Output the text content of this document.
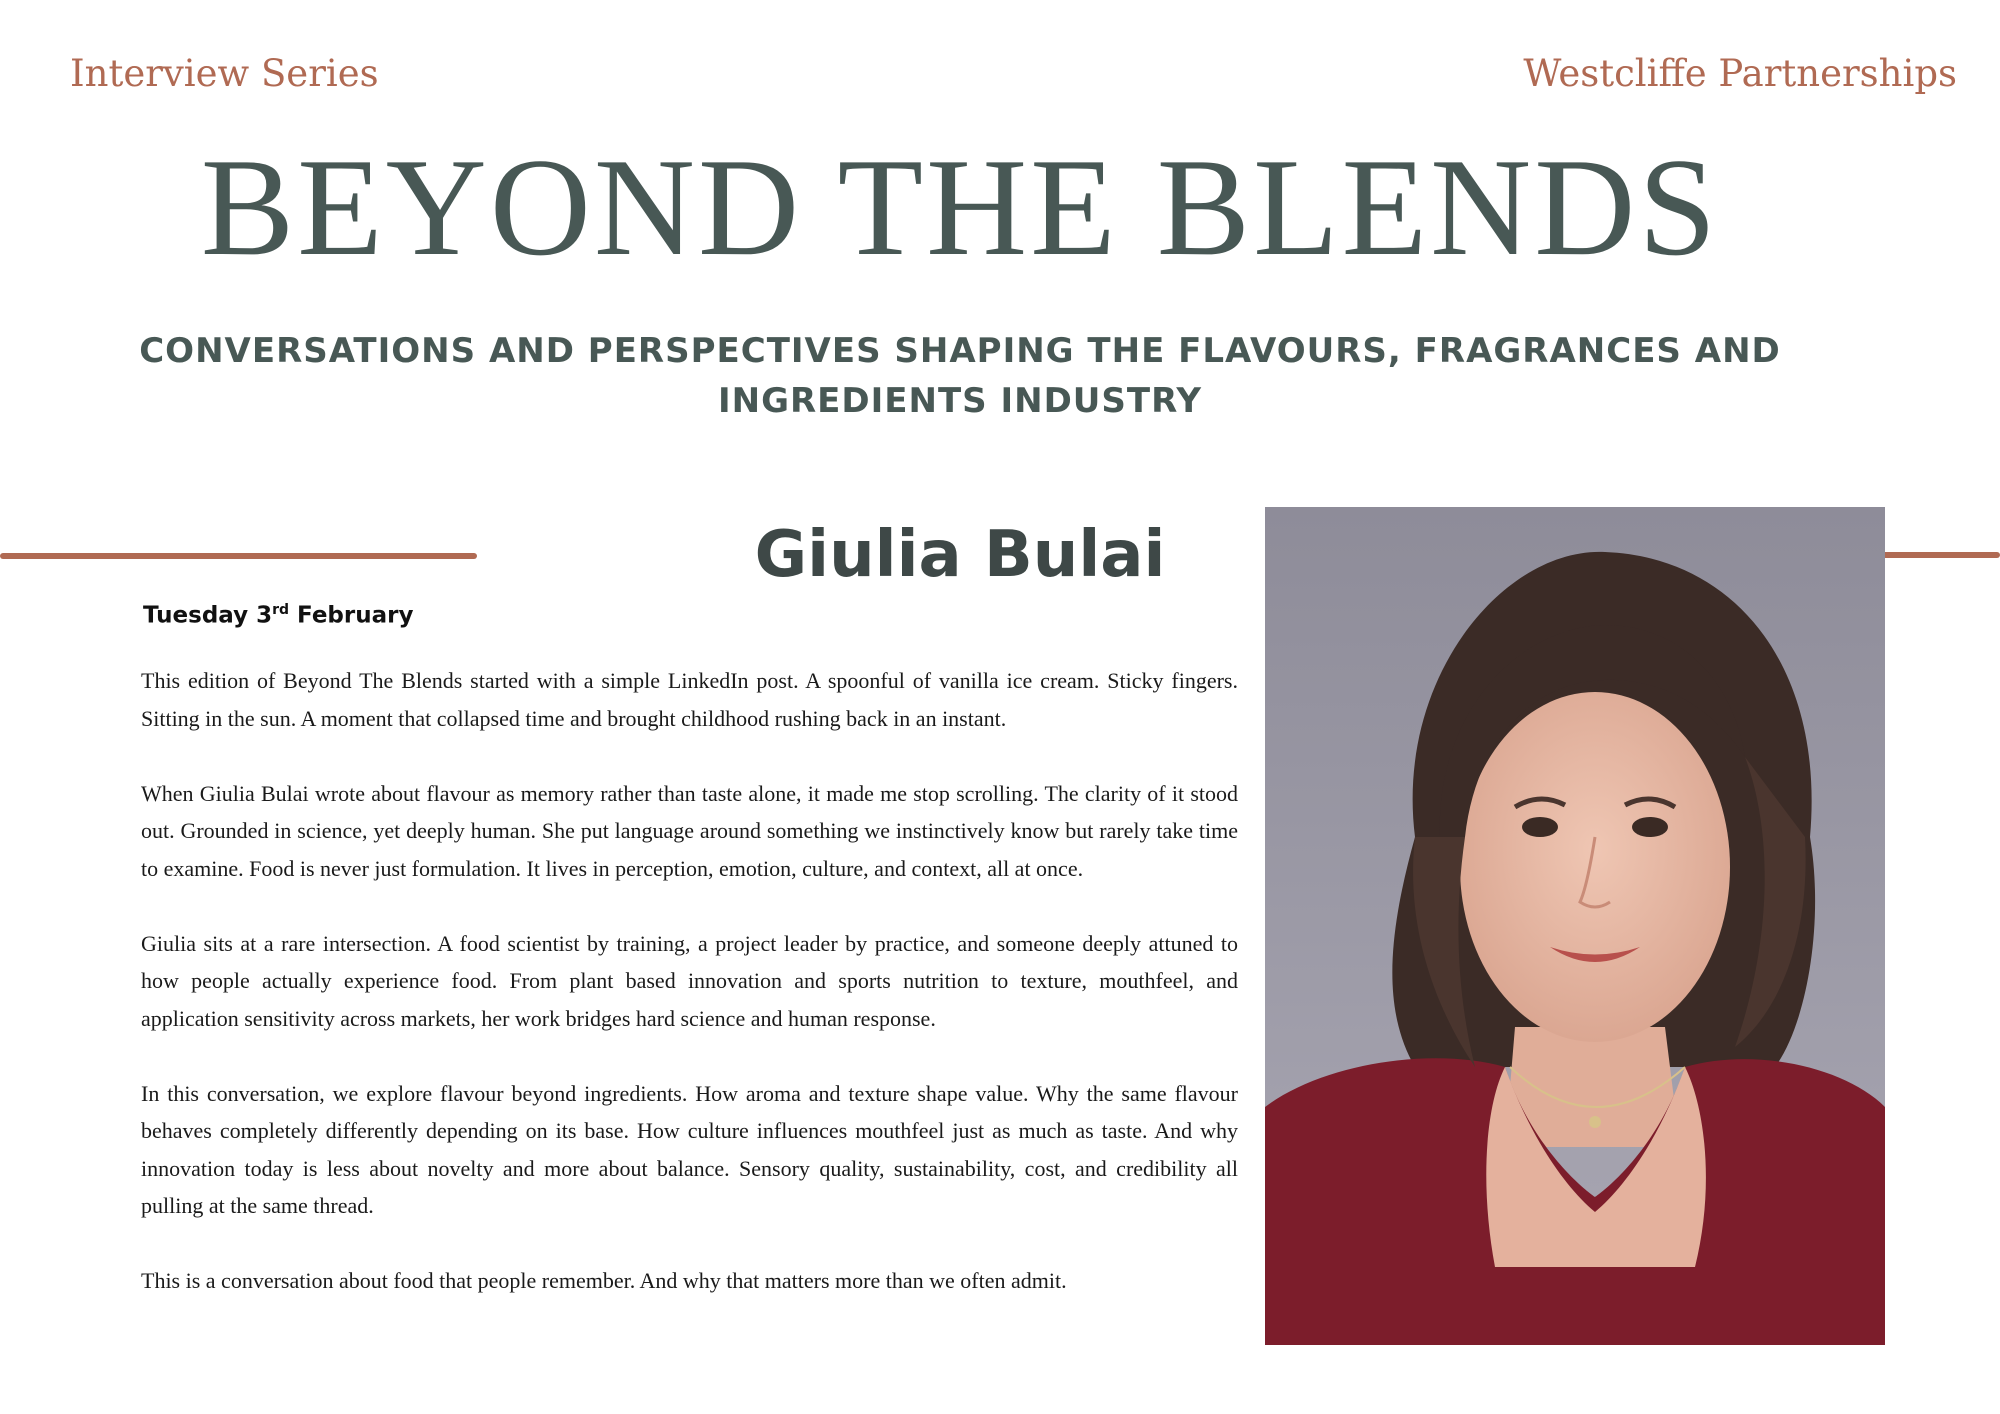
Interview Series	Westcliffe Partnerships
BEYOND THE BLENDS
CONVERSATIONS AND PERSPECTIVES SHAPING THE FLAVOURS, FRAGRANCES AND INGREDIENTS INDUSTRY
Giulia Bulai
Tuesday 3rd February

This edition of Beyond The Blends started with a simple LinkedIn post. A spoonful of vanilla ice cream. Sticky fingers. Sitting in the sun. A moment that collapsed time and brought childhood rushing back in an instant.

When Giulia Bulai wrote about flavour as memory rather than taste alone, it made me stop scrolling. The clarity of it stood out. Grounded in science, yet deeply human. She put language around something we instinctively know but rarely take time to examine. Food is never just formulation. It lives in perception, emotion, culture, and context, all at once.

Giulia sits at a rare intersection. A food scientist by training, a project leader by practice, and someone deeply attuned to how people actually experience food. From plant based innovation and sports nutrition to texture, mouthfeel, and application sensitivity across markets, her work bridges hard science and human response.

In this conversation, we explore flavour beyond ingredients. How aroma and texture shape value. Why the same flavour behaves completely differently depending on its base. How culture influences mouthfeel just as much as taste. And why innovation today is less about novelty and more about balance. Sensory quality, sustainability, cost, and credibility all pulling at the same thread.

This is a conversation about food that people remember. And why that matters more than we often admit.
